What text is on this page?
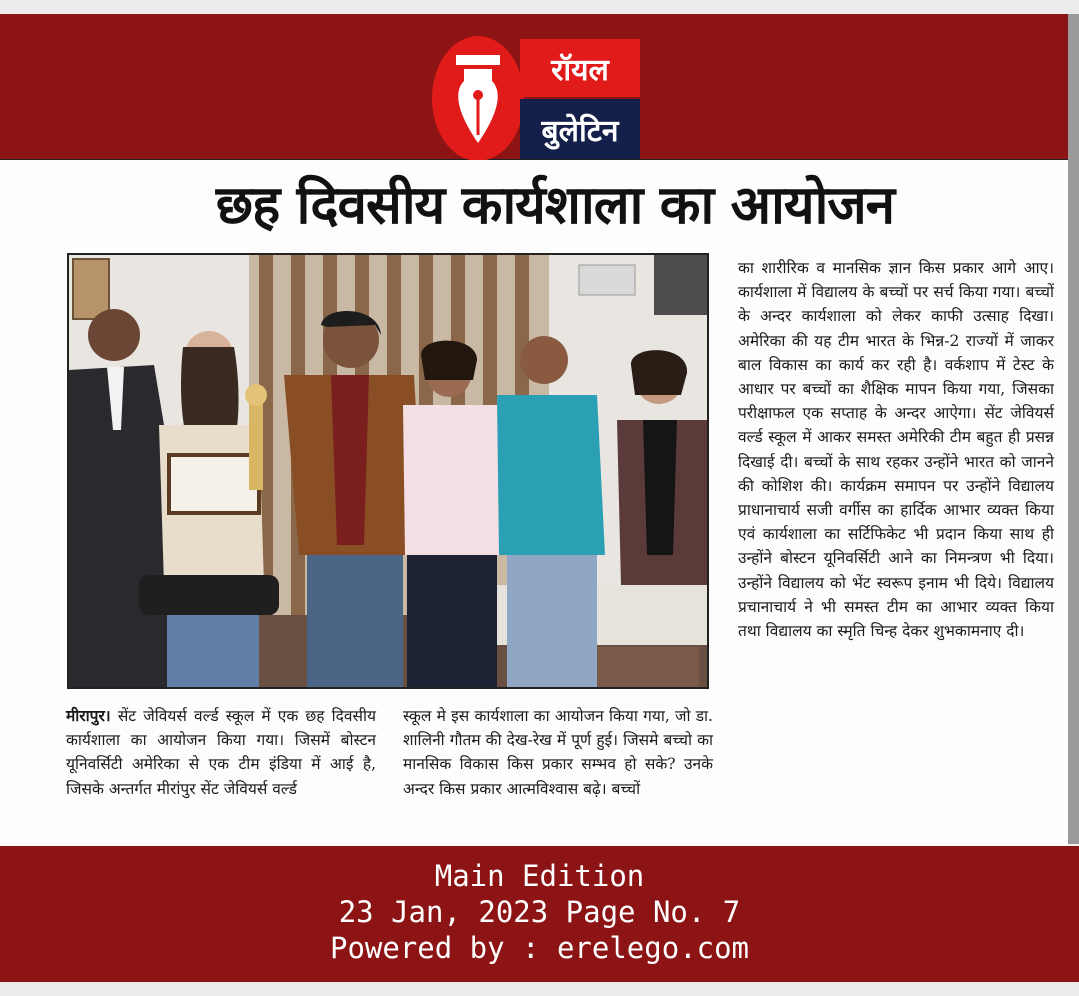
रॉयल
बुलेटिन
छह दिवसीय कार्यशाला का आयोजन

का शारीरिक व मानसिक ज्ञान किस प्रकार आगे आए। कार्यशाला में विद्यालय के बच्चों पर सर्च किया गया। बच्चों के अन्दर कार्यशाला को लेकर काफी उत्साह दिखा। अमेरिका की यह टीम भारत के भिन्न-2 राज्यों में जाकर बाल विकास का कार्य कर रही है। वर्कशाप में टेस्ट के आधार पर बच्चों का शैक्षिक मापन किया गया, जिसका परीक्षाफल एक सप्ताह के अन्दर आऐगा। सेंट जेवियर्स वर्ल्ड स्कूल में आकर समस्त अमेरिकी टीम बहुत ही प्रसन्न दिखाई दी। बच्चों के साथ रहकर उन्होंने भारत को जानने की कोशिश की। कार्यक्रम समापन पर उन्होंने विद्यालय प्राधानाचार्य सजी वर्गीस का हार्दिक आभार व्यक्त किया एवं कार्यशाला का सर्टिफिकेट भी प्रदान किया साथ ही उन्होंने बोस्टन यूनिवर्सिटी आने का निमन्त्रण भी दिया। उन्होंने विद्यालय को भेंट स्वरूप इनाम भी दिये। विद्यालय प्रचानाचार्य ने भी समस्त टीम का आभार व्यक्त किया तथा विद्यालय का स्मृति चिन्ह देकर शुभकामनाए दी।

मीरापुर। सेंट जेवियर्स वर्ल्ड स्कूल में एक छह दिवसीय कार्यशाला का आयोजन किया गया। जिसमें बोस्टन यूनिवर्सिटी अमेरिका से एक टीम इंडिया में आई है, जिसके अन्तर्गत मीरांपुर सेंट जेवियर्स वर्ल्ड

स्कूल मे इस कार्यशाला का आयोजन किया गया, जो डा. शालिनी गौतम की देख-रेख में पूर्ण हुई। जिसमे बच्चो का मानसिक विकास किस प्रकार सम्भव हो सके? उनके अन्दर किस प्रकार आत्मविश्वास बढ़े। बच्चों

Main Edition
23 Jan, 2023 Page No. 7
Powered by : erelego.com
